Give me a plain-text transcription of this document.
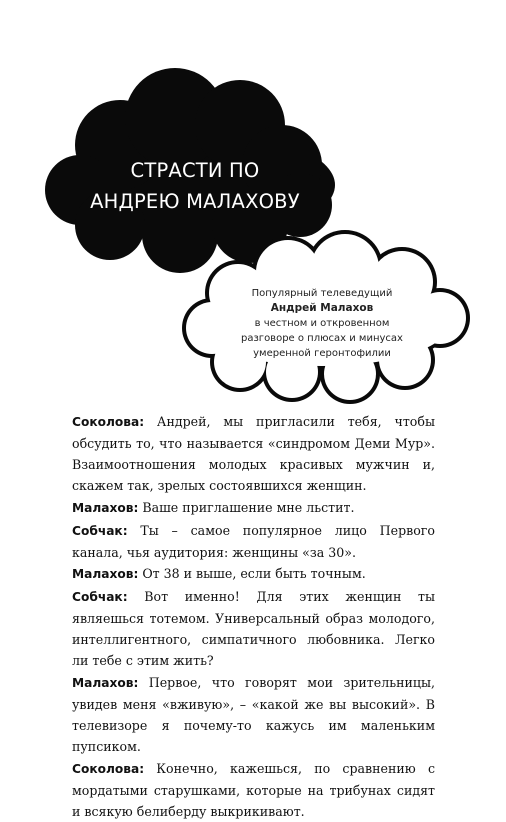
СТРАСТИ ПО
АНДРЕЮ МАЛАХОВУ
Популярный телеведущий
Андрей Малахов
в честном и откровенном
разговоре о плюсах и минусах
умеренной геронтофилии

Соколова: Андрей, мы пригласили тебя, чтобы обсудить то, что называется «синдромом Деми Мур». Взаимоотношения молодых красивых мужчин и, скажем так, зрелых состоявшихся женщин.

Малахов: Ваше приглашение мне льстит.

Собчак: Ты – самое популярное лицо Первого канала, чья аудитория: женщины «за 30».

Малахов: От 38 и выше, если быть точным.

Собчак: Вот именно! Для этих женщин ты являешься тотемом. Универсальный образ молодого, интеллигентного, симпатичного любовника. Легко ли тебе с этим жить?

Малахов: Первое, что говорят мои зрительницы, увидев меня «вживую», – «какой же вы высокий». В телевизоре я почему-то кажусь им маленьким пупсиком.

Соколова: Конечно, кажешься, по сравнению с мордатыми старушками, которые на трибунах сидят и всякую белиберду выкрикивают.
